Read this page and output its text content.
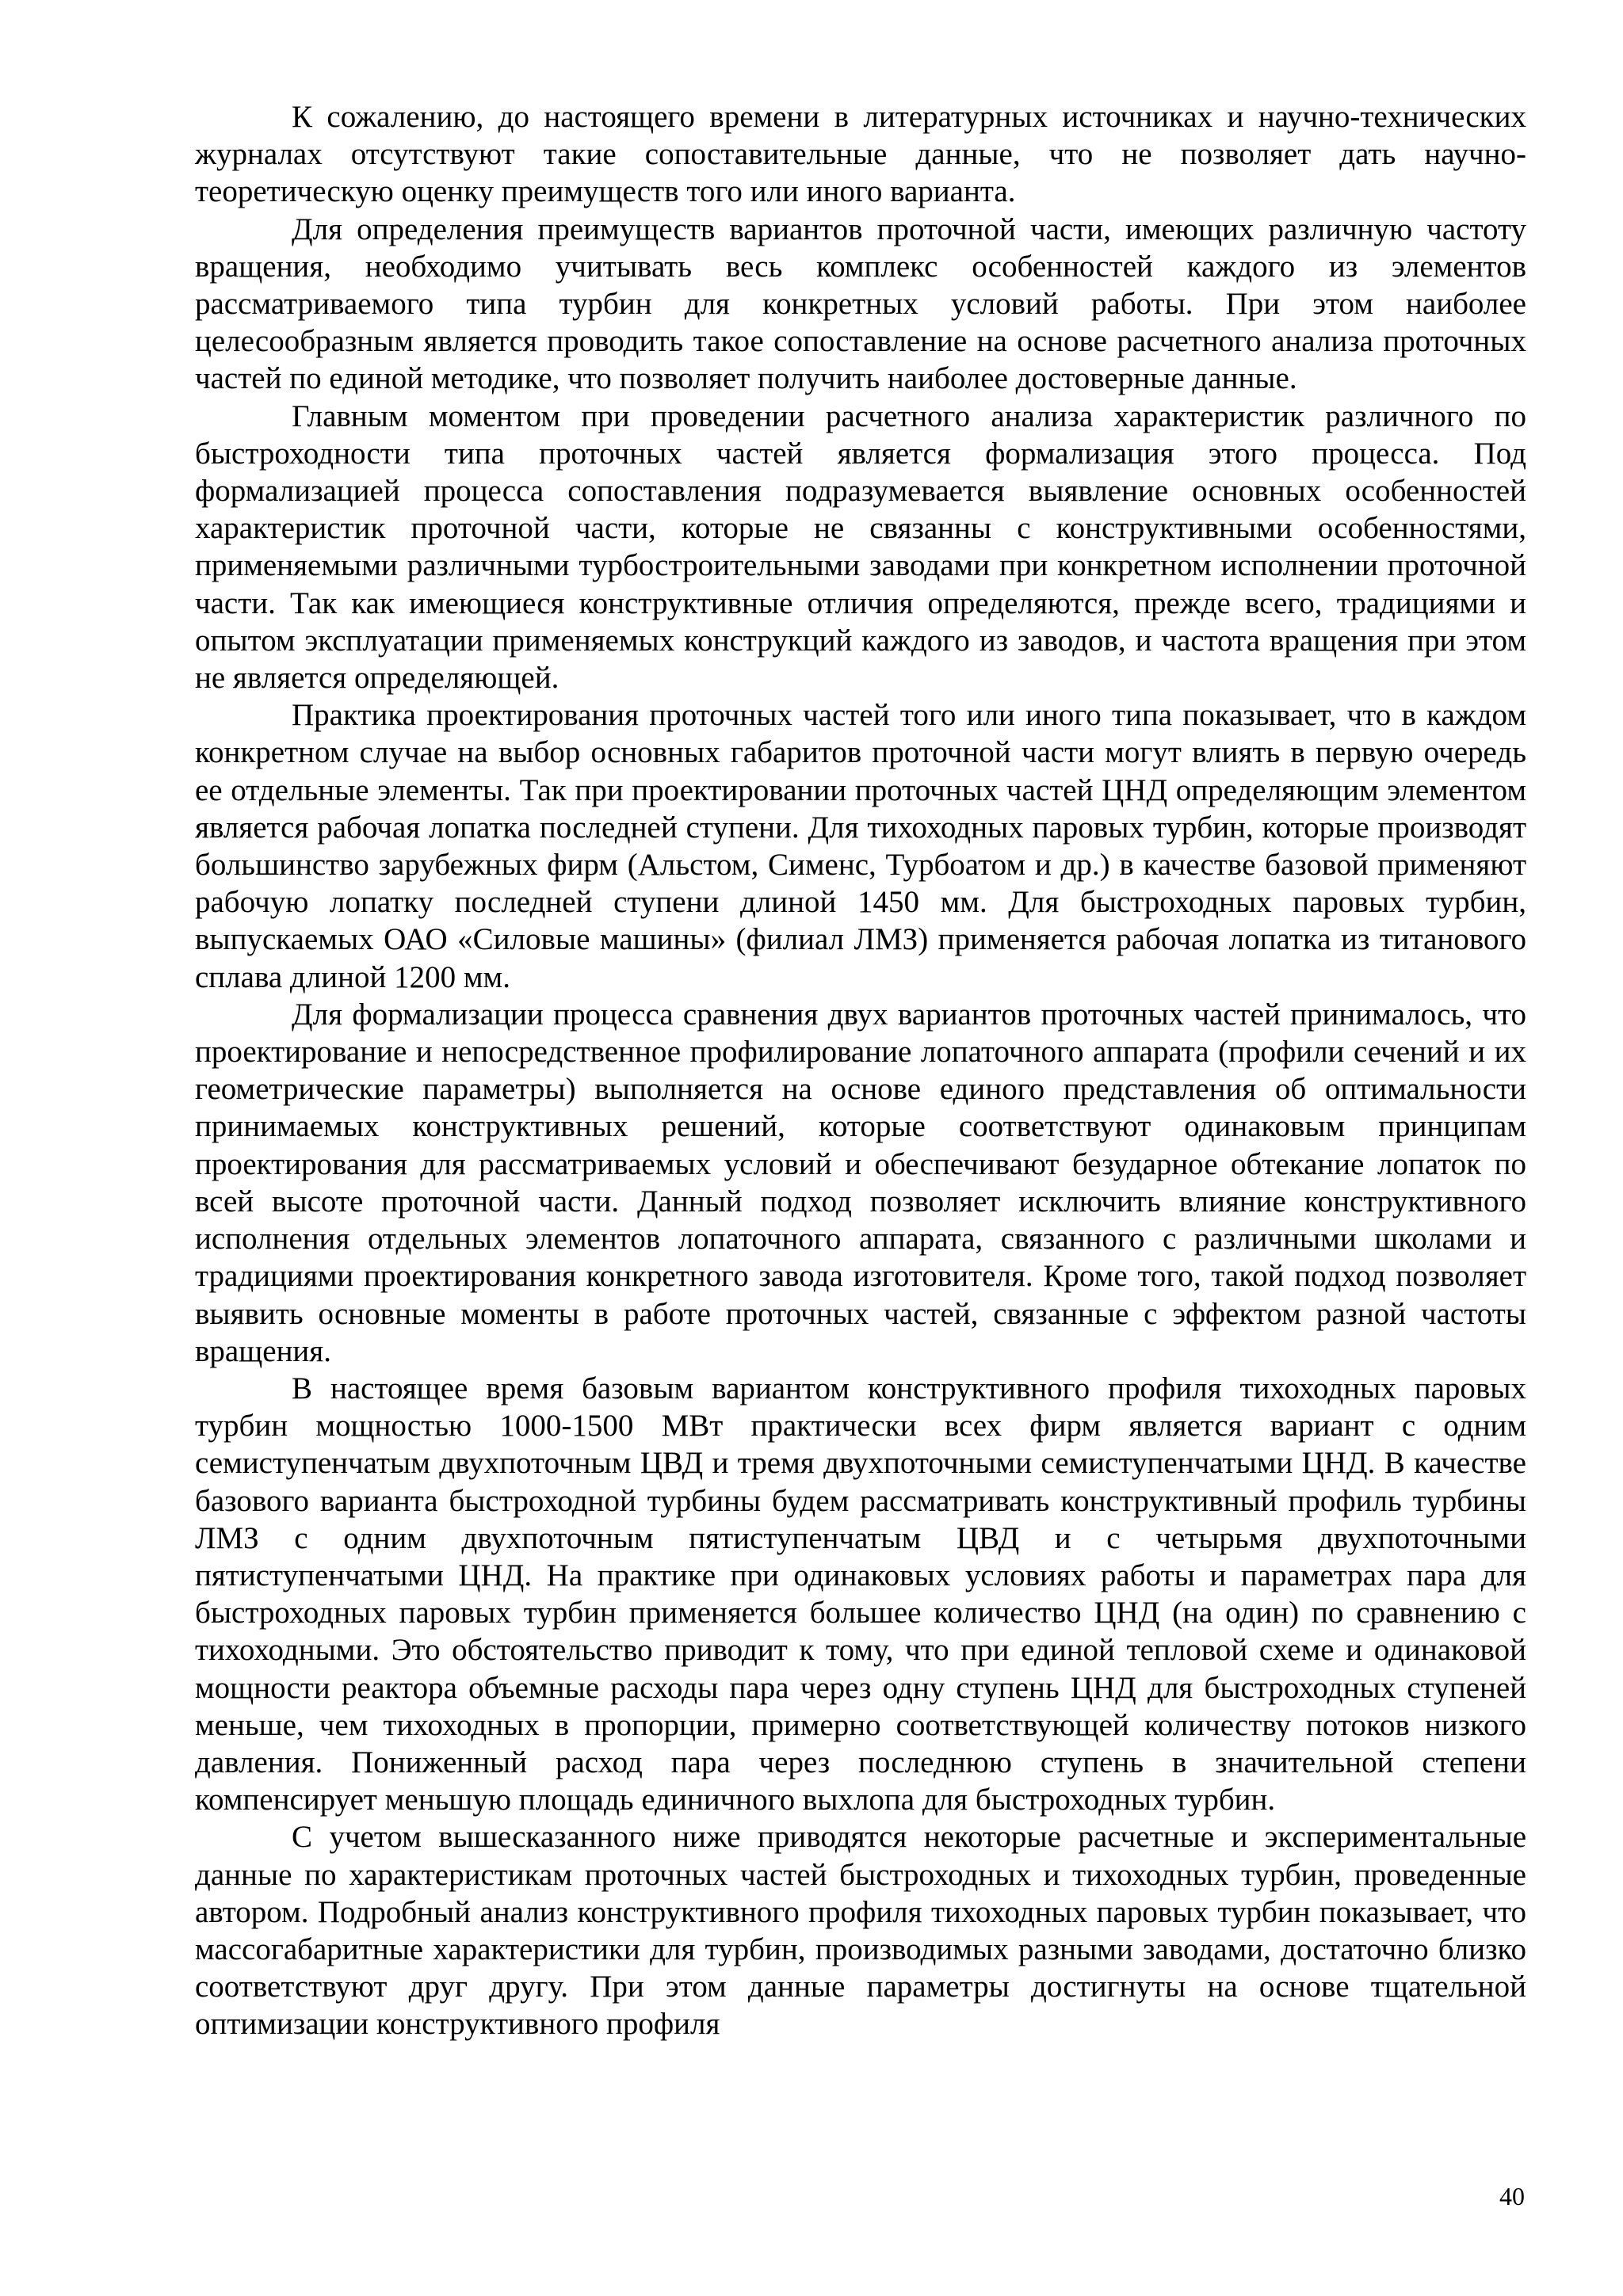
К сожалению, до настоящего времени в литературных источниках и научно-технических журналах отсутствуют такие сопоставительные данные, что не позволяет дать научно-теоретическую оценку преимуществ того или иного варианта.

Для определения преимуществ вариантов проточной части, имеющих различную частоту вращения, необходимо учитывать весь комплекс особенностей каждого из элементов рассматриваемого типа турбин для конкретных условий работы. При этом наиболее целесообразным является проводить такое сопоставление на основе расчетного анализа проточных частей по единой методике, что позволяет получить наиболее достоверные данные.

Главным моментом при проведении расчетного анализа характеристик различного по быстроходности типа проточных частей является формализация этого процесса. Под формализацией процесса сопоставления подразумевается выявление основных особенностей характеристик проточной части, которые не связанны с конструктивными особенностями, применяемыми различными турбостроительными заводами при конкретном исполнении проточной части. Так как имеющиеся конструктивные отличия определяются, прежде всего, традициями и опытом эксплуатации применяемых конструкций каждого из заводов, и частота вращения при этом не является определяющей.

Практика проектирования проточных частей того или иного типа показывает, что в каждом конкретном случае на выбор основных габаритов проточной части могут влиять в первую очередь ее отдельные элементы. Так при проектировании проточных частей ЦНД определяющим элементом является рабочая лопатка последней ступени. Для тихоходных паровых турбин, которые производят большинство зарубежных фирм (Альстом, Сименс, Турбоатом и др.) в качестве базовой применяют рабочую лопатку последней ступени длиной 1450 мм. Для быстроходных паровых турбин, выпускаемых ОАО «Силовые машины» (филиал ЛМЗ) применяется рабочая лопатка из титанового сплава длиной 1200 мм.

Для формализации процесса сравнения двух вариантов проточных частей принималось, что проектирование и непосредственное профилирование лопаточного аппарата (профили сечений и их геометрические параметры) выполняется на основе единого представления об оптимальности принимаемых конструктивных решений, которые соответствуют одинаковым принципам проектирования для рассматриваемых условий и обеспечивают безударное обтекание лопаток по всей высоте проточной части. Данный подход позволяет исключить влияние конструктивного исполнения отдельных элементов лопаточного аппарата, связанного с различными школами и традициями проектирования конкретного завода изготовителя. Кроме того, такой подход позволяет выявить основные моменты в работе проточных частей, связанные с эффектом разной частоты вращения.

В настоящее время базовым вариантом конструктивного профиля тихоходных паровых турбин мощностью 1000-1500 МВт практически всех фирм является вариант с одним семиступенчатым двухпоточным ЦВД и тремя двухпоточными семиступенчатыми ЦНД. В качестве базового варианта быстроходной турбины будем рассматривать конструктивный профиль турбины ЛМЗ с одним двухпоточным пятиступенчатым ЦВД и с четырьмя двухпоточными пятиступенчатыми ЦНД. На практике при одинаковых условиях работы и параметрах пара для быстроходных паровых турбин применяется большее количество ЦНД (на один) по сравнению с тихоходными. Это обстоятельство приводит к тому, что при единой тепловой схеме и одинаковой мощности реактора объемные расходы пара через одну ступень ЦНД для быстроходных ступеней меньше, чем тихоходных в пропорции, примерно соответствующей количеству потоков низкого давления. Пониженный расход пара через последнюю ступень в значительной степени компенсирует меньшую площадь единичного выхлопа для быстроходных турбин.

С учетом вышесказанного ниже приводятся некоторые расчетные и экспериментальные данные по характеристикам проточных частей быстроходных и тихоходных турбин, проведенные автором. Подробный анализ конструктивного профиля тихоходных паровых турбин показывает, что массогабаритные характеристики для турбин, производимых разными заводами, достаточно близко соответствуют друг другу. При этом данные параметры достигнуты на основе тщательной оптимизации конструктивного профиля

40
